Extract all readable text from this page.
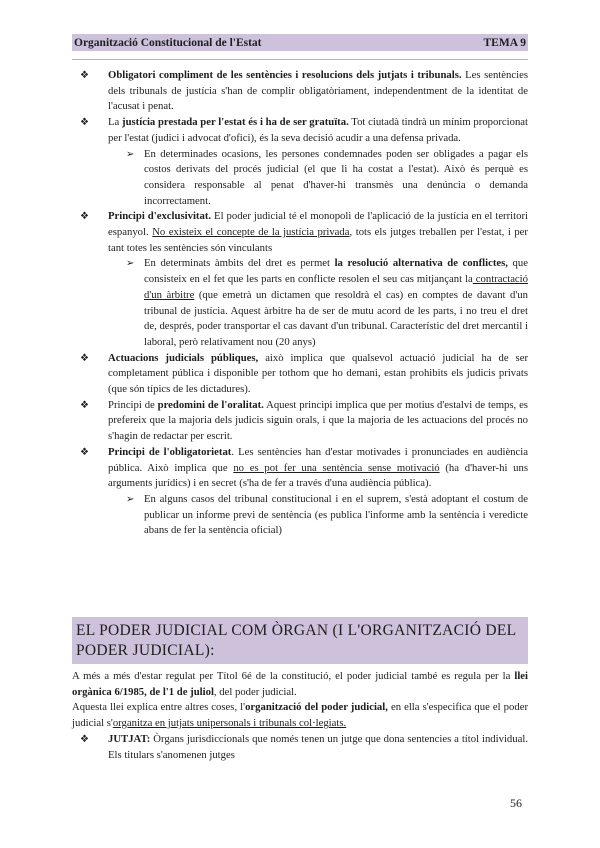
Organització Constitucional de l'Estat	TEMA 9

❖ Obligatori compliment de les sentències i resolucions dels jutjats i tribunals. Les sentències dels tribunals de justícia s'han de complir obligatòriament, independentment de la identitat de l'acusat i penat.

❖ La justícia prestada per l'estat és i ha de ser gratuïta. Tot ciutadà tindrà un mínim proporcionat per l'estat (judici i advocat d'ofici), és la seva decisió acudir a una defensa privada.

➢ En determinades ocasions, les persones condemnades poden ser obligades a pagar els costos derivats del procés judicial (el que li ha costat a l'estat). Això és perquè es considera responsable al penat d'haver-hi transmès una denúncia o demanda incorrectament.

❖ Principi d'exclusivitat. El poder judicial té el monopoli de l'aplicació de la justícia en el territori espanyol. No existeix el concepte de la justícia privada, tots els jutges treballen per l'estat, i per tant totes les sentències són vinculants

➢ En determinats àmbits del dret es permet la resolució alternativa de conflictes, que consisteix en el fet que les parts en conflicte resolen el seu cas mitjançant la contractació d'un àrbitre (que emetrà un dictamen que resoldrà el cas) en comptes de davant d'un tribunal de justícia. Aquest àrbitre ha de ser de mutu acord de les parts, i no treu el dret de, després, poder transportar el cas davant d'un tribunal. Característic del dret mercantil i laboral, però relativament nou (20 anys)

❖ Actuacions judicials públiques, això implica que qualsevol actuació judicial ha de ser completament pública i disponible per tothom que ho demani, estan prohibits els judicis privats (que són típics de les dictadures).

❖ Principi de predomini de l'oralitat. Aquest principi implica que per motius d'estalvi de temps, es prefereix que la majoria dels judicis siguin orals, i que la majoria de les actuacions del procés no s'hagin de redactar per escrit.

❖ Principi de l'obligatorietat. Les sentències han d'estar motivades i pronunciades en audiència pública. Això implica que no es pot fer una sentència sense motivació (ha d'haver-hi uns arguments jurídics) i en secret (s'ha de fer a través d'una audiència pública).

➢ En alguns casos del tribunal constitucional i en el suprem, s'està adoptant el costum de publicar un informe previ de sentència (es publica l'informe amb la sentència i veredicte abans de fer la sentència oficial)

EL PODER JUDICIAL COM ÒRGAN (I L'ORGANITZACIÓ DEL PODER JUDICIAL):

A més a més d'estar regulat per Títol 6é de la constitució, el poder judicial també es regula per la llei orgànica 6/1985, de l'1 de juliol, del poder judicial.

Aquesta llei explica entre altres coses, l'organització del poder judicial, en ella s'especifica que el poder judicial s'organitza en jutjats unipersonals i tribunals col·legiats.

❖ JUTJAT: Òrgans jurisdiccionals que només tenen un jutge que dona sentencies a títol individual. Els titulars s'anomenen jutges

56
